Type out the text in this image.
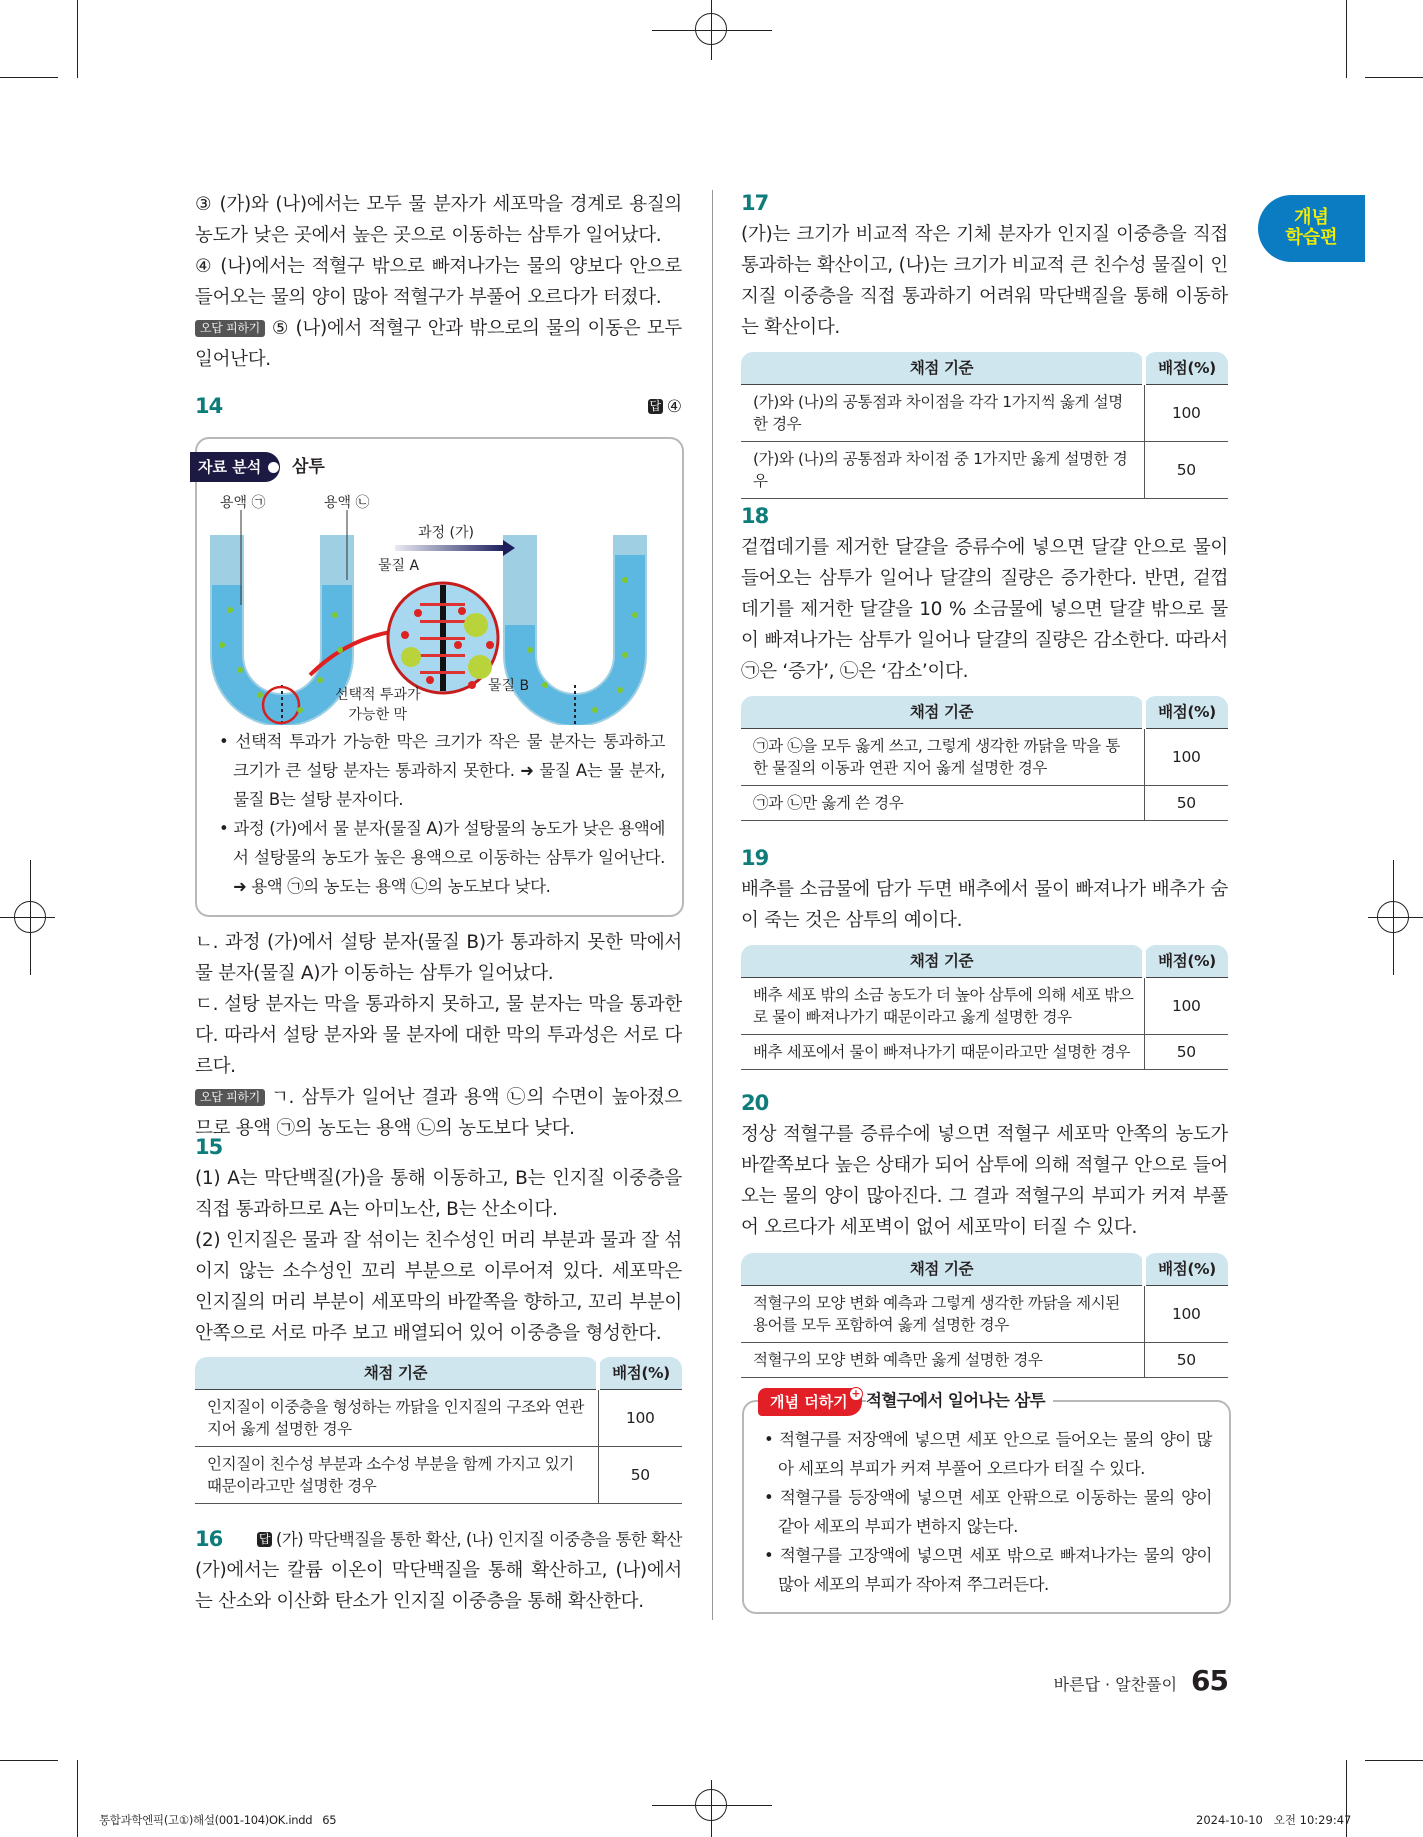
개념
학습편

③ (가)와 (나)에서는 모두 물 분자가 세포막을 경계로 용질의 농도가 낮은 곳에서 높은 곳으로 이동하는 삼투가 일어났다.

④ (나)에서는 적혈구 밖으로 빠져나가는 물의 양보다 안으로 들어오는 물의 양이 많아 적혈구가 부풀어 오르다가 터졌다.

오답 피하기 ⑤ (나)에서 적혈구 안과 밖으로의 물의 이동은 모두 일어난다.

14	답 ④
자료 분석	삼투
용액 ㉠	용액 ㉡
과정 (가)
물질 A
물질 B
선택적 투과가
가능한 막

• 선택적 투과가 가능한 막은 크기가 작은 물 분자는 통과하고 크기가 큰 설탕 분자는 통과하지 못한다. ➜ 물질 A는 물 분자, 물질 B는 설탕 분자이다.

• 과정 (가)에서 물 분자(물질 A)가 설탕물의 농도가 낮은 용액에서 설탕물의 농도가 높은 용액으로 이동하는 삼투가 일어난다. ➜ 용액 ㉠의 농도는 용액 ㉡의 농도보다 낮다.

ㄴ. 과정 (가)에서 설탕 분자(물질 B)가 통과하지 못한 막에서 물 분자(물질 A)가 이동하는 삼투가 일어났다.

ㄷ. 설탕 분자는 막을 통과하지 못하고, 물 분자는 막을 통과한다. 따라서 설탕 분자와 물 분자에 대한 막의 투과성은 서로 다르다.

오답 피하기 ㄱ. 삼투가 일어난 결과 용액 ㉡의 수면이 높아졌으므로 용액 ㉠의 농도는 용액 ㉡의 농도보다 낮다.

15

(1) A는 막단백질(가)을 통해 이동하고, B는 인지질 이중층을 직접 통과하므로 A는 아미노산, B는 산소이다.

(2) 인지질은 물과 잘 섞이는 친수성인 머리 부분과 물과 잘 섞이지 않는 소수성인 꼬리 부분으로 이루어져 있다. 세포막은 인지질의 머리 부분이 세포막의 바깥쪽을 향하고, 꼬리 부분이 안쪽으로 서로 마주 보고 배열되어 있어 이중층을 형성한다.

채점 기준	배점(%)
인지질이 이중층을 형성하는 까닭을 인지질의 구조와 연관 지어 옳게 설명한 경우	100
인지질이 친수성 부분과 소수성 부분을 함께 가지고 있기 때문이라고만 설명한 경우	50
16	답 (가) 막단백질을 통한 확산, (나) 인지질 이중층을 통한 확산

(가)에서는 칼륨 이온이 막단백질을 통해 확산하고, (나)에서는 산소와 이산화 탄소가 인지질 이중층을 통해 확산한다.

17

(가)는 크기가 비교적 작은 기체 분자가 인지질 이중층을 직접 통과하는 확산이고, (나)는 크기가 비교적 큰 친수성 물질이 인지질 이중층을 직접 통과하기 어려워 막단백질을 통해 이동하는 확산이다.

채점 기준	배점(%)
(가)와 (나)의 공통점과 차이점을 각각 1가지씩 옳게 설명한 경우	100
(가)와 (나)의 공통점과 차이점 중 1가지만 옳게 설명한 경우	50
18

겉껍데기를 제거한 달걀을 증류수에 넣으면 달걀 안으로 물이 들어오는 삼투가 일어나 달걀의 질량은 증가한다. 반면, 겉껍데기를 제거한 달걀을 10 % 소금물에 넣으면 달걀 밖으로 물이 빠져나가는 삼투가 일어나 달걀의 질량은 감소한다. 따라서 ㉠은 ‘증가’, ㉡은 ‘감소’이다.

채점 기준	배점(%)
㉠과 ㉡을 모두 옳게 쓰고, 그렇게 생각한 까닭을 막을 통한 물질의 이동과 연관 지어 옳게 설명한 경우	100
㉠과 ㉡만 옳게 쓴 경우	50
19

배추를 소금물에 담가 두면 배추에서 물이 빠져나가 배추가 숨이 죽는 것은 삼투의 예이다.

채점 기준	배점(%)
배추 세포 밖의 소금 농도가 더 높아 삼투에 의해 세포 밖으로 물이 빠져나가기 때문이라고 옳게 설명한 경우	100
배추 세포에서 물이 빠져나가기 때문이라고만 설명한 경우	50
20

정상 적혈구를 증류수에 넣으면 적혈구 세포막 안쪽의 농도가 바깥쪽보다 높은 상태가 되어 삼투에 의해 적혈구 안으로 들어오는 물의 양이 많아진다. 그 결과 적혈구의 부피가 커져 부풀어 오르다가 세포벽이 없어 세포막이 터질 수 있다.

채점 기준	배점(%)
적혈구의 모양 변화 예측과 그렇게 생각한 까닭을 제시된 용어를 모두 포함하여 옳게 설명한 경우	100
적혈구의 모양 변화 예측만 옳게 설명한 경우	50
개념 더하기 + 적혈구에서 일어나는 삼투

• 적혈구를 저장액에 넣으면 세포 안으로 들어오는 물의 양이 많아 세포의 부피가 커져 부풀어 오르다가 터질 수 있다.

• 적혈구를 등장액에 넣으면 세포 안팎으로 이동하는 물의 양이 같아 세포의 부피가 변하지 않는다.

• 적혈구를 고장액에 넣으면 세포 밖으로 빠져나가는 물의 양이 많아 세포의 부피가 작아져 쭈그러든다.

바른답 · 알찬풀이 65
통합과학엔픽(고①)해설(001-104)OK.indd   65	2024-10-10   오전 10:29:47
